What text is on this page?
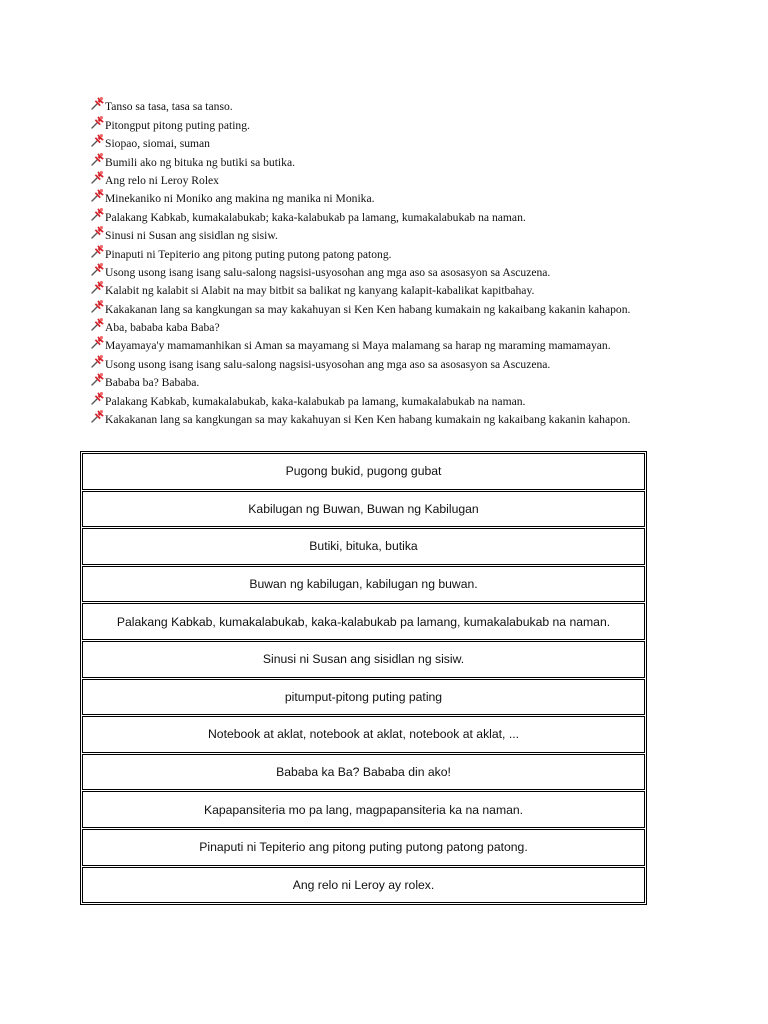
Tanso sa tasa, tasa sa tanso.
Pitongput pitong puting pating.
Siopao, siomai, suman
Bumili ako ng bituka ng butiki sa butika.
Ang relo ni Leroy Rolex
Minekaniko ni Moniko ang makina ng manika ni Monika.
Palakang Kabkab, kumakalabukab; kaka-kalabukab pa lamang, kumakalabukab na naman.
Sinusi ni Susan ang sisidlan ng sisiw.
Pinaputi ni Tepiterio ang pitong puting putong patong patong.
Usong usong isang isang salu-salong nagsisi-usyosohan ang mga aso sa asosasyon sa Ascuzena.
Kalabit ng kalabit si Alabit na may bitbit sa balikat ng kanyang kalapit-kabalikat kapitbahay.
Kakakanan lang sa kangkungan sa may kakahuyan si Ken Ken habang kumakain ng kakaibang kakanin kahapon.
Aba, bababa kaba Baba?
Mayamaya'y mamamanhikan si Aman sa mayamang si Maya malamang sa harap ng maraming mamamayan.
Usong usong isang isang salu-salong nagsisi-usyosohan ang mga aso sa asosasyon sa Ascuzena.
Bababa ba? Bababa.
Palakang Kabkab, kumakalabukab, kaka-kalabukab pa lamang, kumakalabukab na naman.
Kakakanan lang sa kangkungan sa may kakahuyan si Ken Ken habang kumakain ng kakaibang kakanin kahapon.
Pugong bukid, pugong gubat
Kabilugan ng Buwan, Buwan ng Kabilugan
Butiki, bituka, butika
Buwan ng kabilugan, kabilugan ng buwan.
Palakang Kabkab, kumakalabukab, kaka-kalabukab pa lamang, kumakalabukab na naman.
Sinusi ni Susan ang sisidlan ng sisiw.
pitumput-pitong puting pating
Notebook at aklat, notebook at aklat, notebook at aklat, ...
Bababa ka Ba? Bababa din ako!
Kapapansiteria mo pa lang, magpapansiteria ka na naman.
Pinaputi ni Tepiterio ang pitong puting putong patong patong.
Ang relo ni Leroy ay rolex.
